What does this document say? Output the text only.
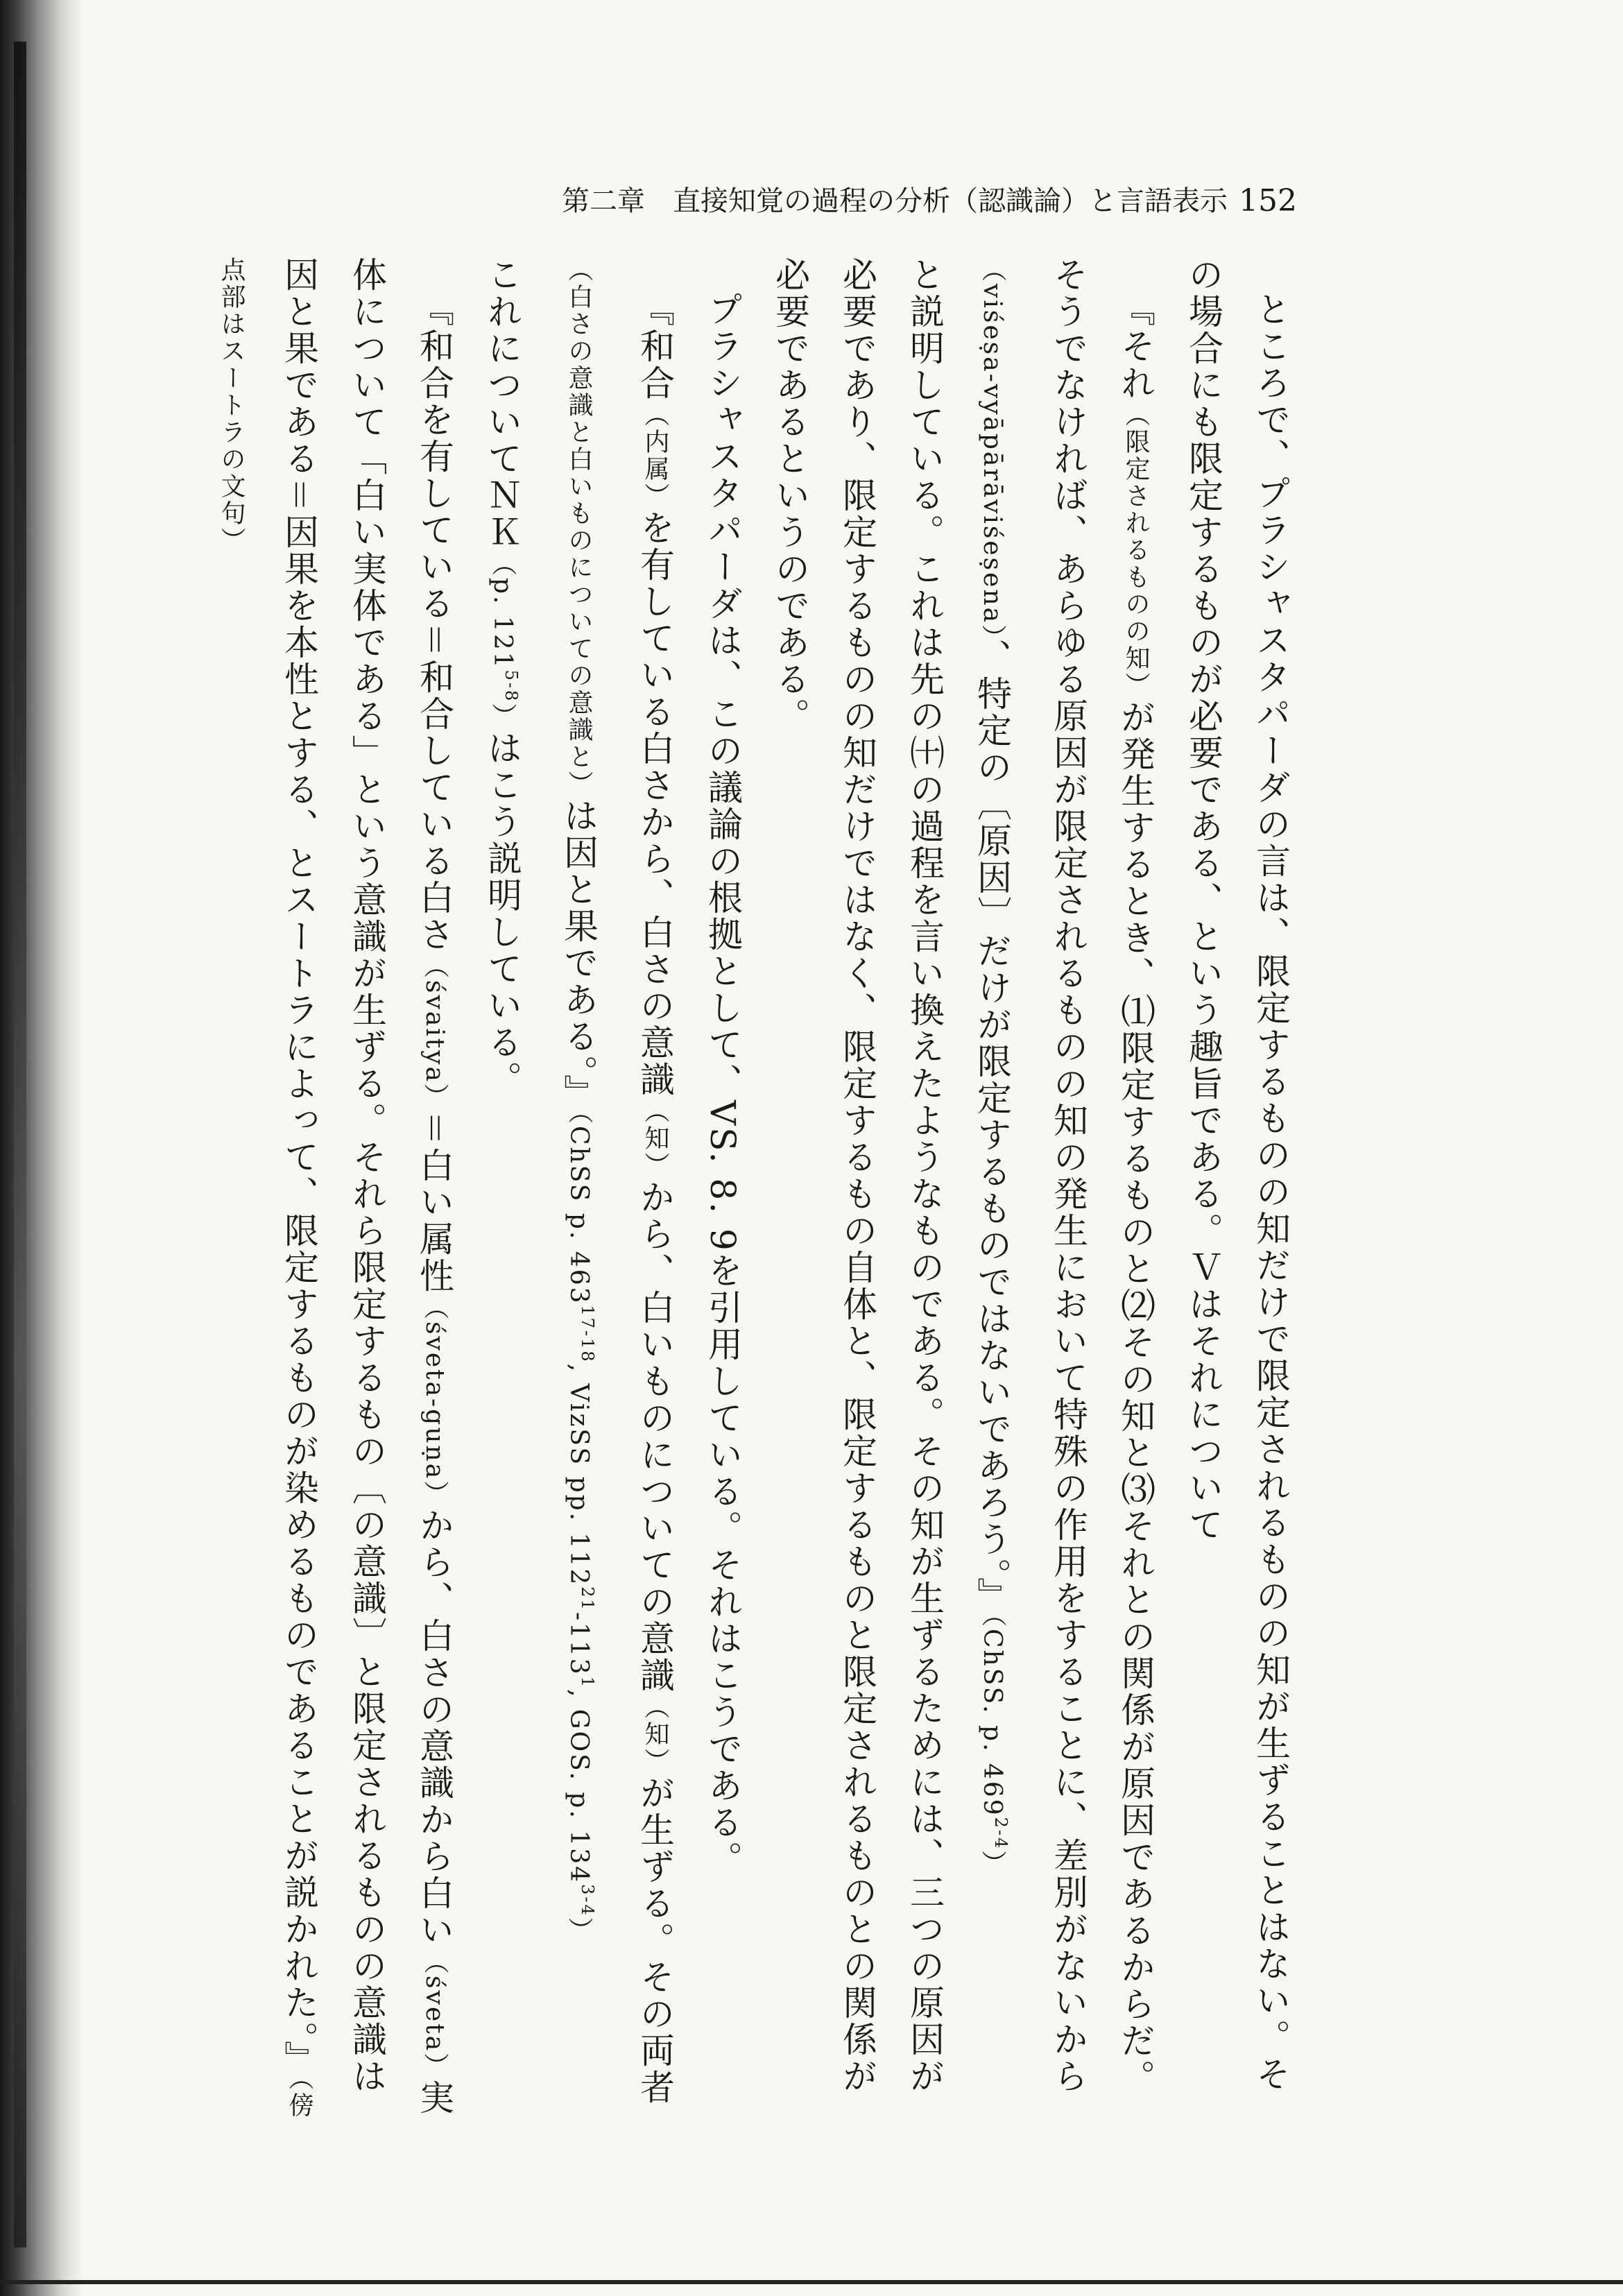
第二章　直接知覚の過程の分析（認識論）と言語表示 152

ところで、プラシャスタパーダの言は、限定するものの知だけで限定されるものの知が生ずることはない。その場合にも限定するものが必要である、という趣旨である。Ｖはそれについて

『それ（限定されるものの知）が発生するとき、⑴限定するものと⑵その知と⑶それとの関係が原因であるからだ。そうでなければ、あらゆる原因が限定されるものの知の発生において特殊の作用をすることに、差別がないから（viśeṣa-vyāpārāviśeṣena）、特定の〔原因〕だけが限定するものではないであろう。』（ChSS. p. 469$^{2-4}$）

と説明している。これは先の㈩の過程を言い換えたようなものである。その知が生ずるためには、三つの原因が必要であり、限定するものの知だけではなく、限定するもの自体と、限定するものと限定されるものとの関係が必要であるというのである。

プラシャスタパーダは、この議論の根拠として、VS. 8. 9を引用している。それはこうである。

『和合（内属）を有している白さから、白さの意識（知）から、白いものについての意識（知）が生ずる。その両者（白さの意識と白いものについての意識と）は因と果である。』（ChSS p. 463$^{17-18}$, VizSS pp. $112^{21}-113^1$, GOS. p. 134$^{3-4}$）

これについてＮＫ（p. 121$^{5-8}$）はこう説明している。

『和合を有している＝和合している白さ（śvaitya）＝白い属性（śveta-guṇa）から、白さの意識から白い（śveta）実体について「白い実体である」という意識が生ずる。それら限定するもの〔の意識〕と限定されるものの意識は因と果である＝因果を本性とする、とスートラによって、限定するものが染めるものであることが説かれた。』（傍点部はスートラの文句）
